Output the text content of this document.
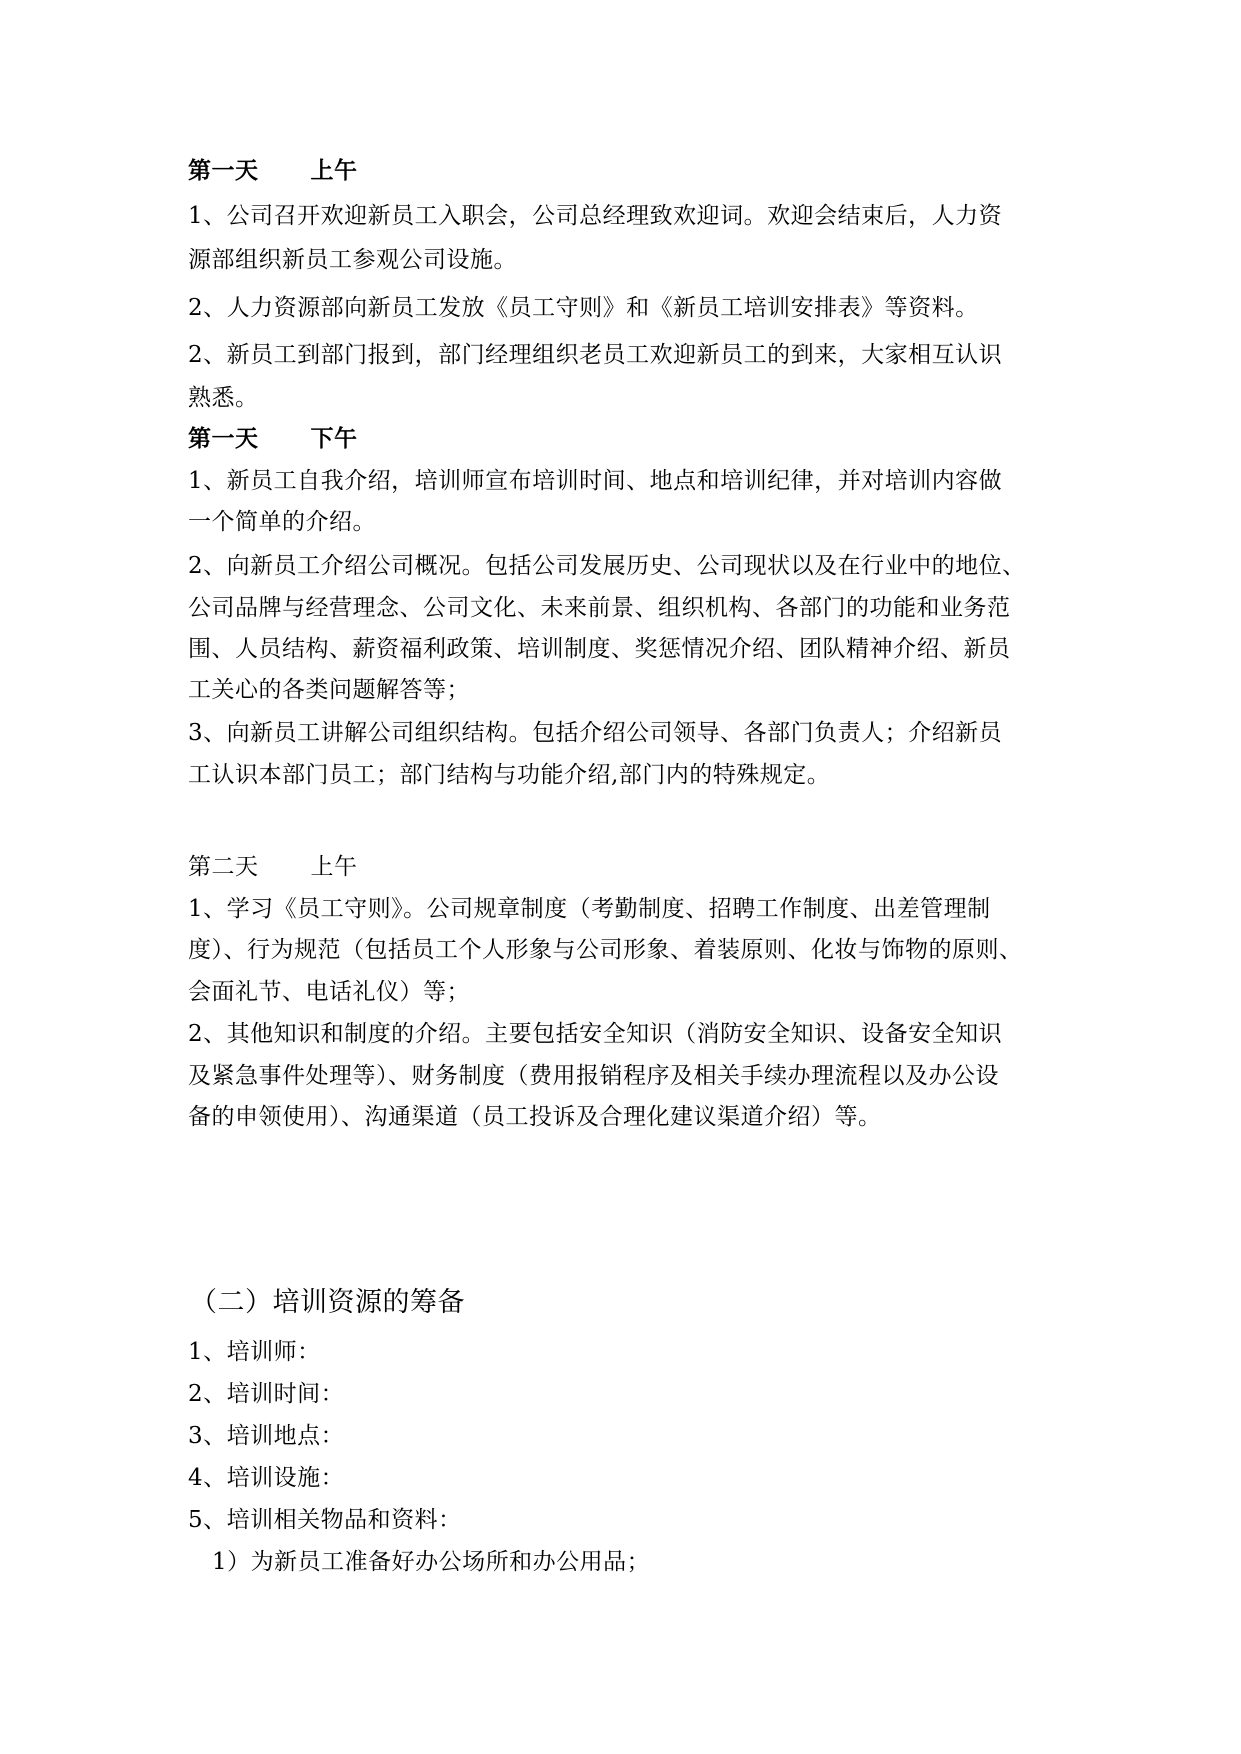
第一天 上午
1、公司召开欢迎新员工入职会，公司总经理致欢迎词。欢迎会结束后，人力资
源部组织新员工参观公司设施。
2、人力资源部向新员工发放《员工守则》和《新员工培训安排表》等资料。
2、新员工到部门报到，部门经理组织老员工欢迎新员工的到来，大家相互认识
熟悉。
第一天 下午
1、新员工自我介绍，培训师宣布培训时间、地点和培训纪律，并对培训内容做
一个简单的介绍。
2、向新员工介绍公司概况。包括公司发展历史、公司现状以及在行业中的地位、
公司品牌与经营理念、公司文化、未来前景、组织机构、各部门的功能和业务范
围、人员结构、薪资福利政策、培训制度、奖惩情况介绍、团队精神介绍、新员
工关心的各类问题解答等；
3、向新员工讲解公司组织结构。包括介绍公司领导、各部门负责人；介绍新员
工认识本部门员工；部门结构与功能介绍,部门内的特殊规定。
第二天 上午
1、学习《员工守则》。公司规章制度（考勤制度、招聘工作制度、出差管理制
度）、行为规范（包括员工个人形象与公司形象、着装原则、化妆与饰物的原则、
会面礼节、电话礼仪）等；
2、其他知识和制度的介绍。主要包括安全知识（消防安全知识、设备安全知识
及紧急事件处理等）、财务制度（费用报销程序及相关手续办理流程以及办公设
备的申领使用）、沟通渠道（员工投诉及合理化建议渠道介绍）等。
（二）培训资源的筹备
1、培训师：
2、培训时间：
3、培训地点：
4、培训设施：
5、培训相关物品和资料：
1）为新员工准备好办公场所和办公用品；
